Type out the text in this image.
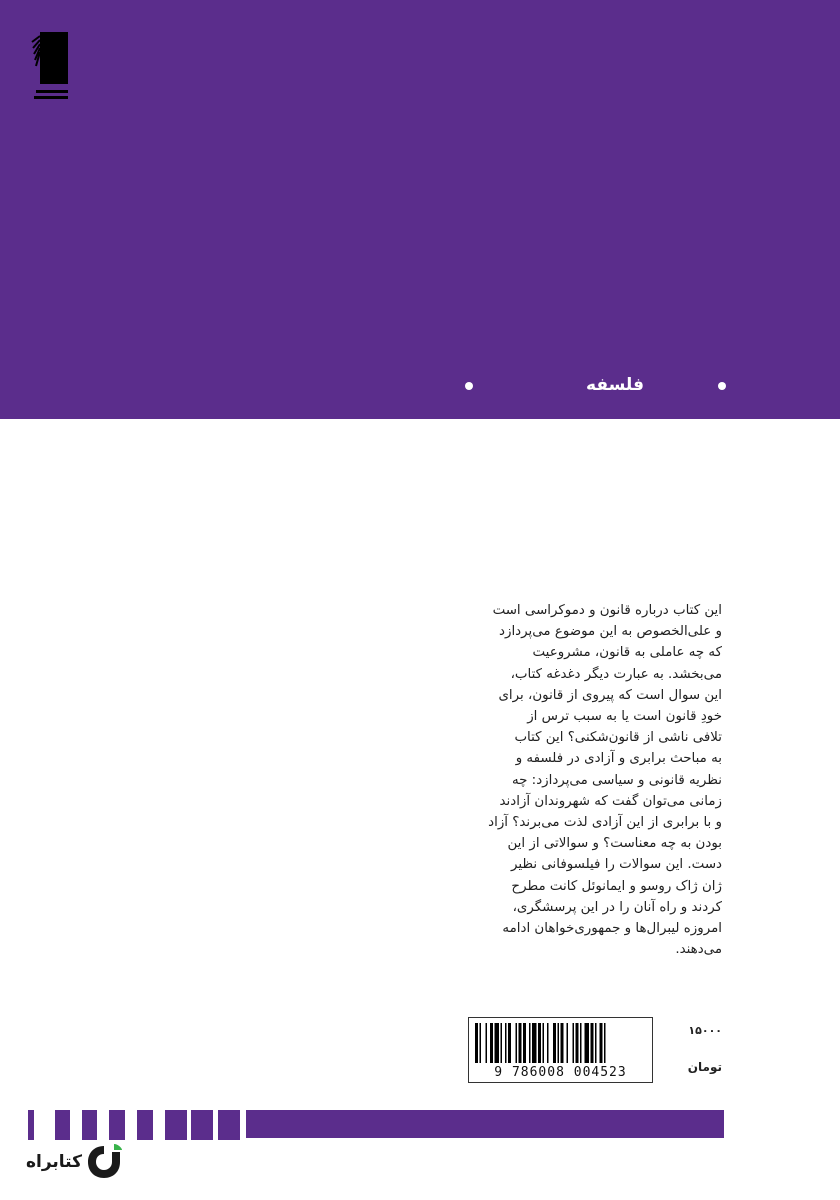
فلسفه

این کتاب درباره قانون و دموکراسی است

و علی‌الخصوص به این موضوع می‌پردازد

که چه عاملی به قانون، مشروعیت

می‌بخشد. به عبارت دیگر دغدغه کتاب،

این سوال است که پیروی از قانون، برای

خودِ قانون است یا به سبب ترس از

تلافی ناشی از قانون‌شکنی؟ این کتاب

به مباحث برابری و آزادی در فلسفه و

نظریه قانونی و سیاسی می‌پردازد: چه

زمانی می‌توان گفت که شهروندان آزادند

و با برابری از این آزادی لذت می‌برند؟ آزاد

بودن به چه معناست؟ و سوالاتی از این

دست. این سوالات را فیلسوفانی نظیر

ژان ژاک روسو و ایمانوئل کانت مطرح

کردند و راه آنان را در این پرسشگری،

امروزه لیبرال‌ها و جمهوری‌خواهان ادامه

می‌دهند.

9 786008 004523
۱۵۰۰۰
تومان
کتابراه
